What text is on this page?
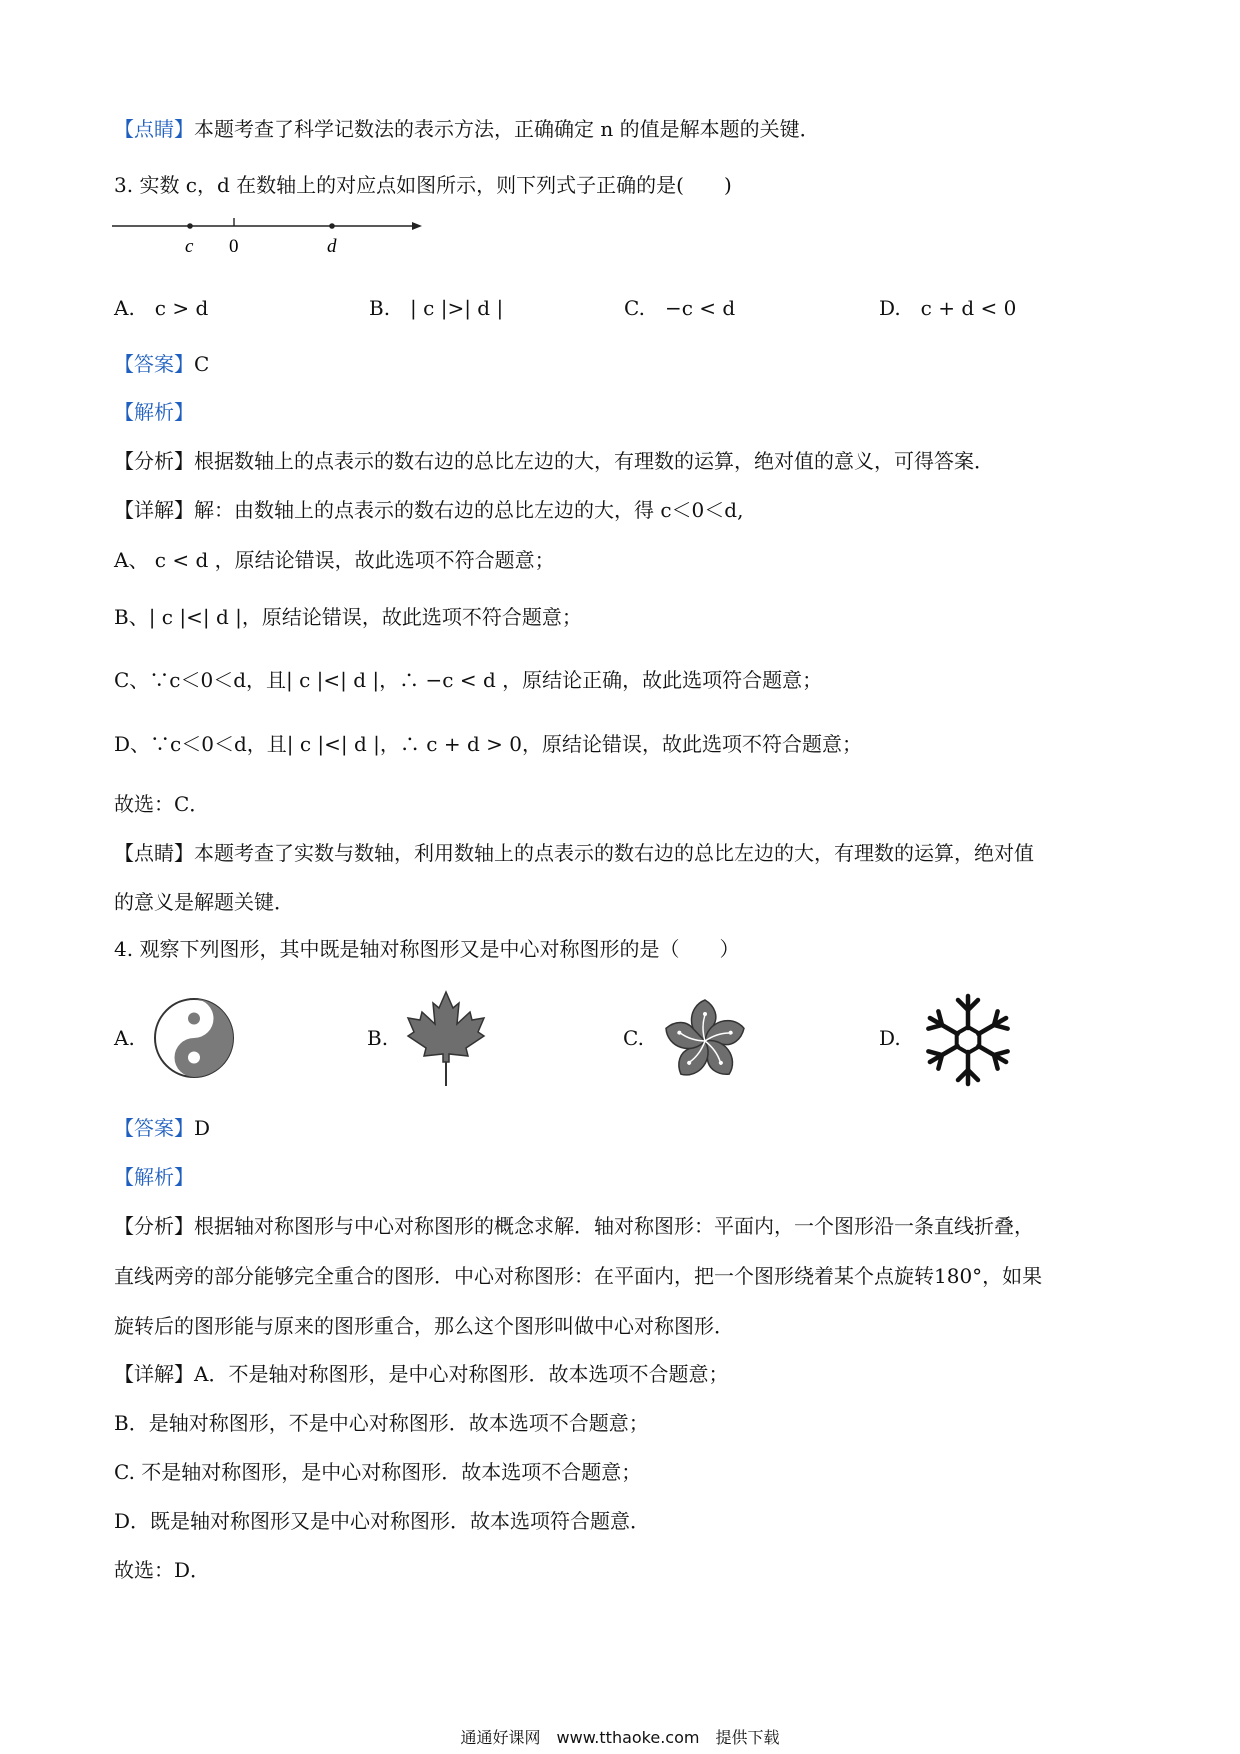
【点睛】本题考查了科学记数法的表示方法，正确确定 n 的值是解本题的关键．
3. 实数 c，d 在数轴上的对应点如图所示，则下列式子正确的是(　　)
c 0	d
A.　c > d	B.　| c |>| d |	C.　−c < d	D.　c + d < 0
【答案】C
【解析】
【分析】根据数轴上的点表示的数右边的总比左边的大，有理数的运算，绝对值的意义，可得答案．
【详解】解：由数轴上的点表示的数右边的总比左边的大，得 c＜0＜d,
A、 c < d ，原结论错误，故此选项不符合题意；
B、| c |<| d |，原结论错误，故此选项不符合题意；
C、∵c＜0＜d，且| c |<| d |，∴ −c < d ，原结论正确，故此选项符合题意；
D、∵c＜0＜d，且| c |<| d |，∴ c + d > 0，原结论错误，故此选项不符合题意；
故选：C．
【点睛】本题考查了实数与数轴，利用数轴上的点表示的数右边的总比左边的大，有理数的运算，绝对值
的意义是解题关键．
4. 观察下列图形，其中既是轴对称图形又是中心对称图形的是（　　）
A.	B.	C.	D.
【答案】D
【解析】
【分析】根据轴对称图形与中心对称图形的概念求解．轴对称图形：平面内，一个图形沿一条直线折叠，
直线两旁的部分能够完全重合的图形．中心对称图形：在平面内，把一个图形绕着某个点旋转180°，如果
旋转后的图形能与原来的图形重合，那么这个图形叫做中心对称图形．
【详解】A．不是轴对称图形，是中心对称图形．故本选项不合题意；
B．是轴对称图形，不是中心对称图形．故本选项不合题意；
C. 不是轴对称图形，是中心对称图形．故本选项不合题意；
D．既是轴对称图形又是中心对称图形．故本选项符合题意．
故选：D．
通通好课网　www.tthaoke.com　提供下载
